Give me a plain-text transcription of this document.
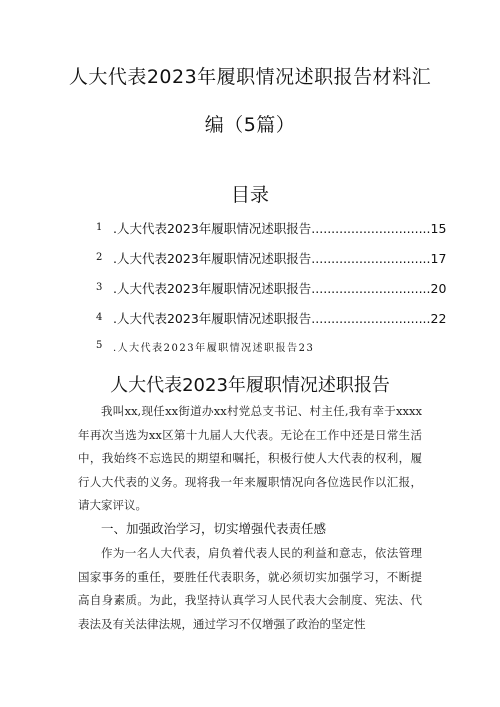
人大代表2023年履职情况述职报告材料汇
编（5篇）
目录
1 .人大代表2023年履职情况述职报告..............................15
2 .人大代表2023年履职情况述职报告..............................17
3 .人大代表2023年履职情况述职报告..............................20
4 .人大代表2023年履职情况述职报告..............................22
5 .人大代表2023年履职情况述职报告23
人大代表2023年履职情况述职报告
我叫xx,现任xx街道办xx村党总支书记、村主任,我有幸于xxxx年再次当选为xx区第十九届人大代表。无论在工作中还是日常生活中，我始终不忘选民的期望和嘱托，积极行使人大代表的权利，履行人大代表的义务。现将我一年来履职情况向各位选民作以汇报，请大家评议。
一、加强政治学习，切实增强代表责任感
作为一名人大代表，肩负着代表人民的利益和意志，依法管理国家事务的重任，要胜任代表职务，就必须切实加强学习，不断提高自身素质。为此，我坚持认真学习人民代表大会制度、宪法、代表法及有关法律法规，通过学习不仅增强了政治的坚定性
